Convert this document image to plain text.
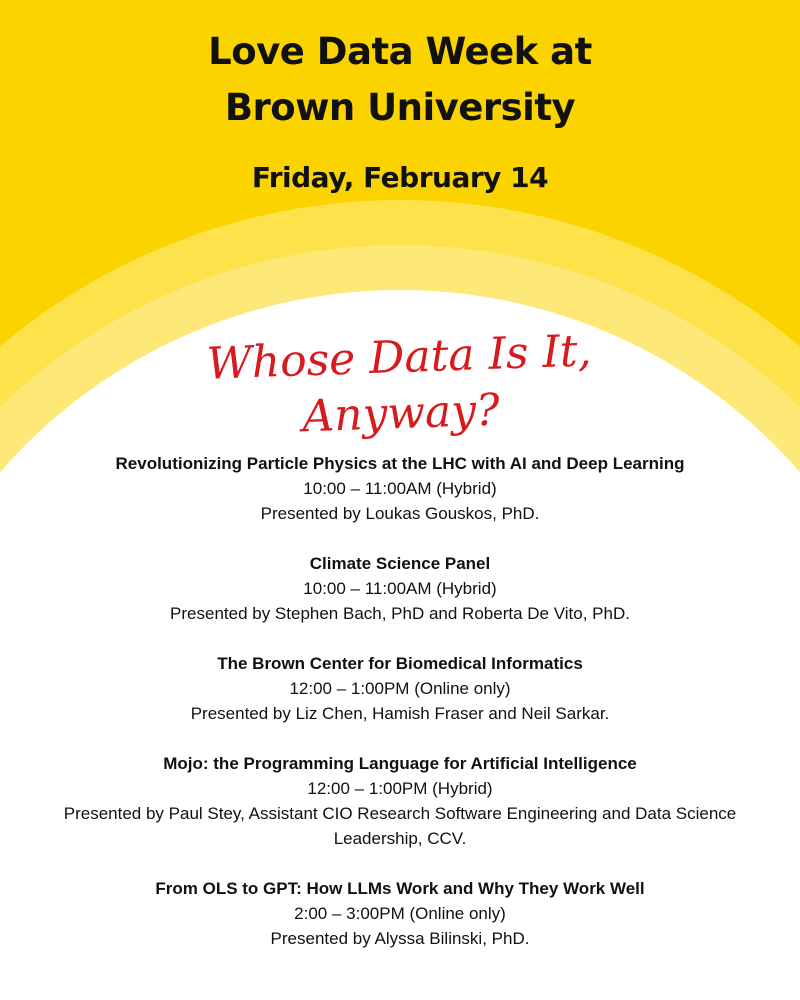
Love Data Week at
Brown University
Friday, February 14
Whose Data Is It,
Anyway?
Revolutionizing Particle Physics at the LHC with AI and Deep Learning
10:00 – 11:00AM (Hybrid)
Presented by Loukas Gouskos, PhD.
Climate Science Panel
10:00 – 11:00AM (Hybrid)
Presented by Stephen Bach, PhD and Roberta De Vito, PhD.
The Brown Center for Biomedical Informatics
12:00 – 1:00PM (Online only)
Presented by Liz Chen, Hamish Fraser and Neil Sarkar.
Mojo: the Programming Language for Artificial Intelligence
12:00 – 1:00PM (Hybrid)
Presented by Paul Stey, Assistant CIO Research Software Engineering and Data Science Leadership, CCV.
From OLS to GPT: How LLMs Work and Why They Work Well
2:00 – 3:00PM (Online only)
Presented by Alyssa Bilinski, PhD.
